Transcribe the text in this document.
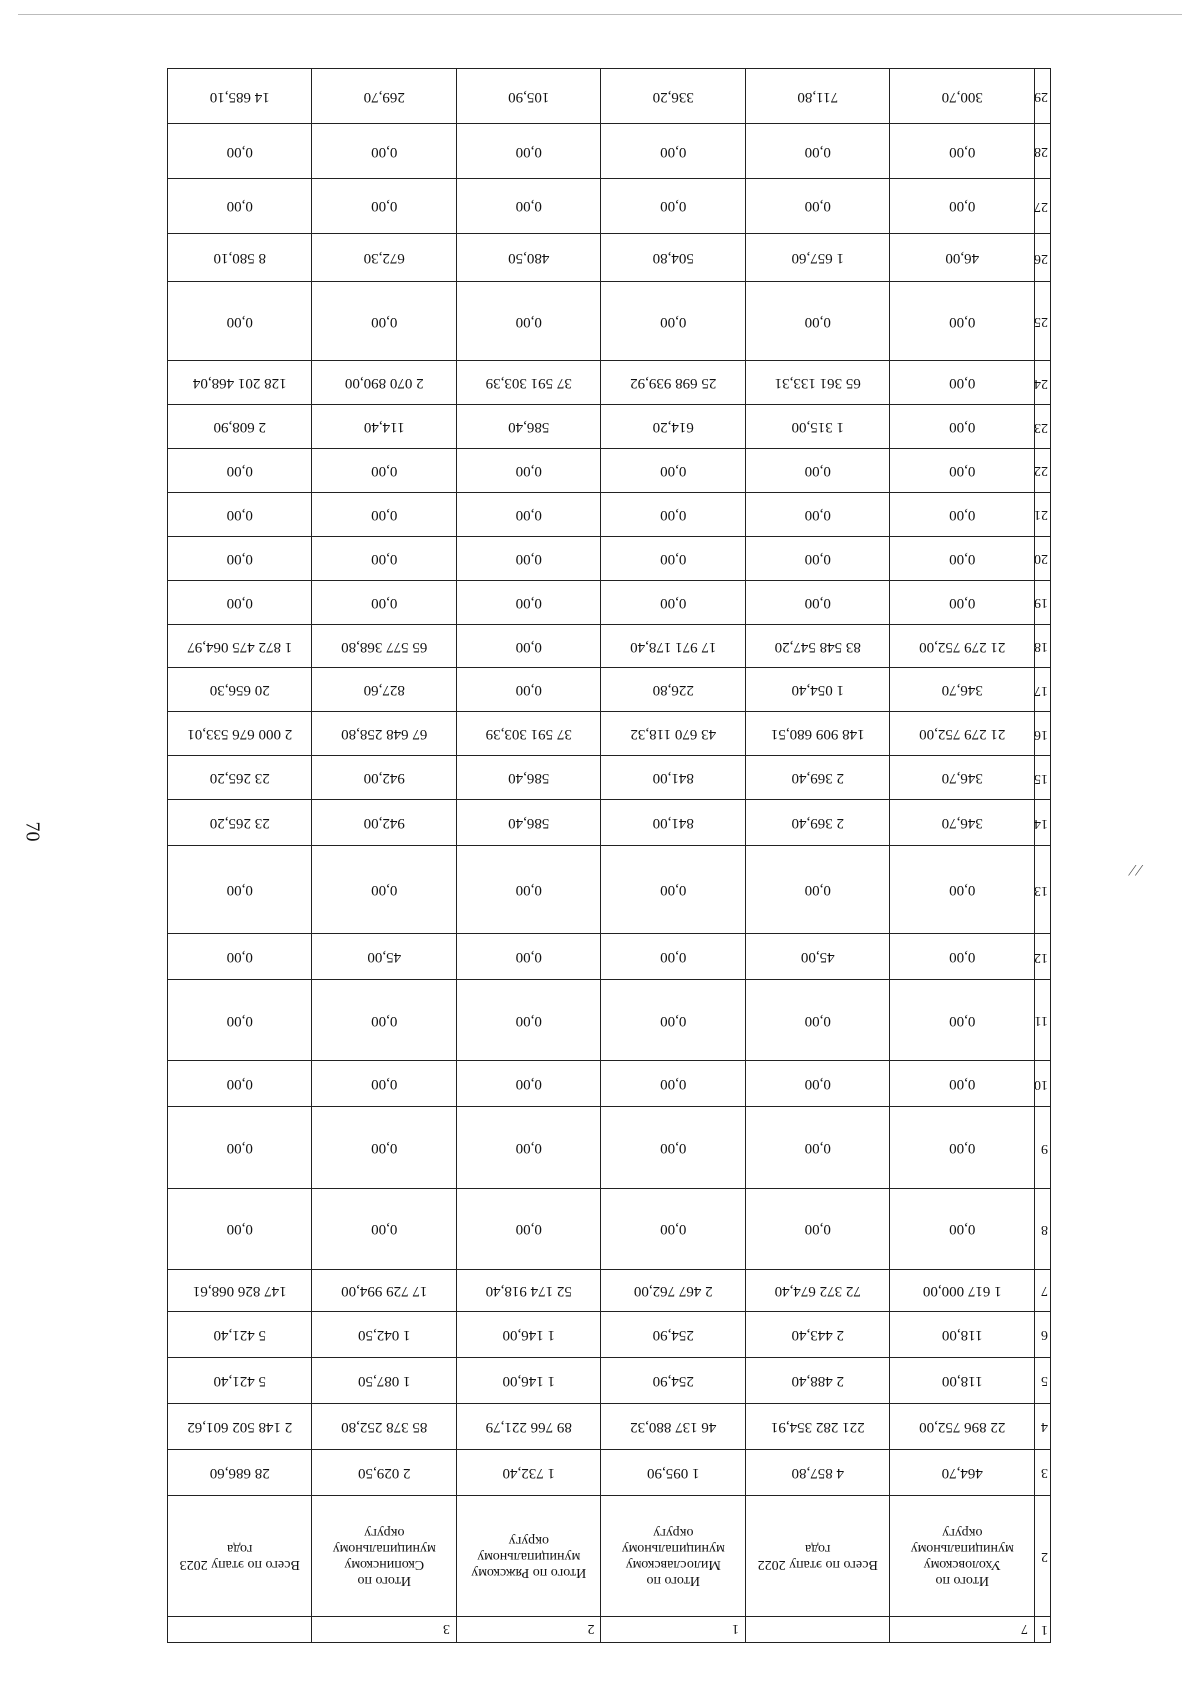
70
⁄ ⁄
1	7		1	2	3	
2	Итого по Ухоловскому муниципальному округу	Всего по этапу 2022 года	Итого по Милославскому муниципальному округу	Итого по Ряжскому муниципальному округу	Итого по Скопинскому муниципальному округу	Всего по этапу 2023 года
3	464,70	4 857,80	1 095,90	1 732,40	2 029,50	28 686,60
4	22 896 752,00	221 282 354,91	46 137 880,32	89 766 221,79	85 378 252,80	2 148 502 601,62
5	118,00	2 488,40	254,90	1 146,00	1 087,50	5 421,40
6	118,00	2 443,40	254,90	1 146,00	1 042,50	5 421,40
7	1 617 000,00	72 372 674,40	2 467 762,00	52 174 918,40	17 729 994,00	147 826 068,61
8	0,00	0,00	0,00	0,00	0,00	0,00
9	0,00	0,00	0,00	0,00	0,00	0,00
10	0,00	0,00	0,00	0,00	0,00	0,00
11	0,00	0,00	0,00	0,00	0,00	0,00
12	0,00	45,00	0,00	0,00	45,00	0,00
13	0,00	0,00	0,00	0,00	0,00	0,00
14	346,70	2 369,40	841,00	586,40	942,00	23 265,20
15	346,70	2 369,40	841,00	586,40	942,00	23 265,20
16	21 279 752,00	148 909 680,51	43 670 118,32	37 591 303,39	67 648 258,80	2 000 676 533,01
17	346,70	1 054,40	226,80	0,00	827,60	20 656,30
18	21 279 752,00	83 548 547,20	17 971 178,40	0,00	65 577 368,80	1 872 475 064,97
19	0,00	0,00	0,00	0,00	0,00	0,00
20	0,00	0,00	0,00	0,00	0,00	0,00
21	0,00	0,00	0,00	0,00	0,00	0,00
22	0,00	0,00	0,00	0,00	0,00	0,00
23	0,00	1 315,00	614,20	586,40	114,40	2 608,90
24	0,00	65 361 133,31	25 698 939,92	37 591 303,39	2 070 890,00	128 201 468,04
25	0,00	0,00	0,00	0,00	0,00	0,00
26	46,00	1 657,60	504,80	480,50	672,30	8 580,10
27	0,00	0,00	0,00	0,00	0,00	0,00
28	0,00	0,00	0,00	0,00	0,00	0,00
29	300,70	711,80	336,20	105,90	269,70	14 685,10
